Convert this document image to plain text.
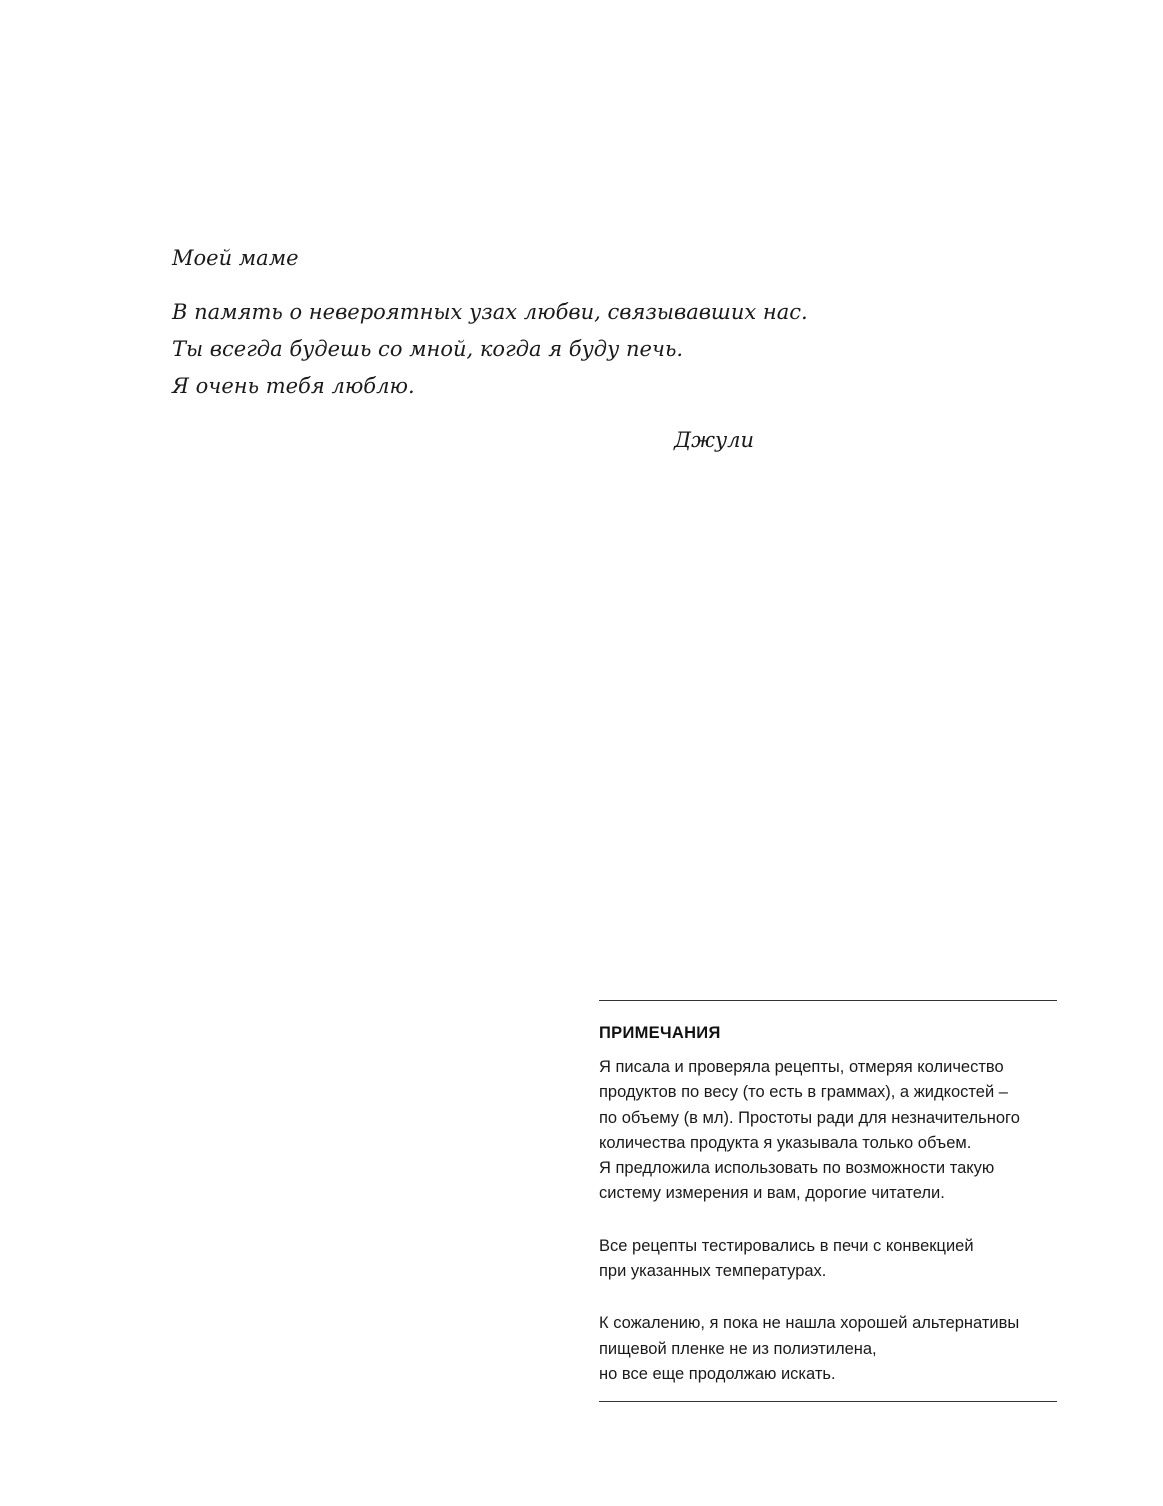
Моей маме

В память о невероятных узах любви, связывавших нас.

Ты всегда будешь со мной, когда я буду печь.

Я очень тебя люблю.

Джули
ПРИМЕЧАНИЯ

Я писала и проверяла рецепты, отмеряя количество
продуктов по весу (то есть в граммах), а жидкостей –
по объему (в мл). Простоты ради для незначительного
количества продукта я указывала только объем.
Я предложила использовать по возможности такую
систему измерения и вам, дорогие читатели.

Все рецепты тестировались в печи с конвекцией
при указанных температурах.

К сожалению, я пока не нашла хорошей альтернативы
пищевой пленке не из полиэтилена,
но все еще продолжаю искать.
